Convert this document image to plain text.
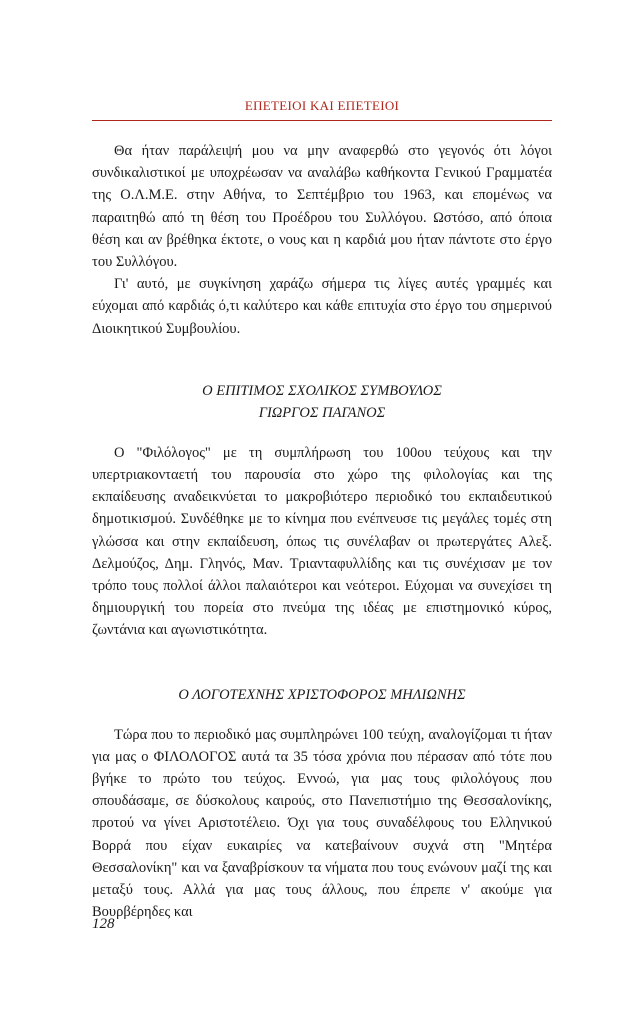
ΕΠΕΤΕΙΟΙ ΚΑΙ ΕΠΕΤΕΙΟΙ

Θα ήταν παράλειψή μου να μην αναφερθώ στο γεγονός ότι λόγοι συνδικαλιστικοί με υποχρέωσαν να αναλάβω καθήκοντα Γενικού Γραμματέα της Ο.Λ.Μ.Ε. στην Αθήνα, το Σεπτέμβριο του 1963, και επομένως να παραιτηθώ από τη θέση του Προέδρου του Συλλόγου. Ωστόσο, από όποια θέση και αν βρέθηκα έκτοτε, ο νους και η καρδιά μου ήταν πάντοτε στο έργο του Συλλόγου.

Γι' αυτό, με συγκίνηση χαράζω σήμερα τις λίγες αυτές γραμμές και εύχομαι από καρδιάς ό,τι καλύτερο και κάθε επιτυχία στο έργο του σημερινού Διοικητικού Συμβουλίου.

Ο ΕΠΙΤΙΜΟΣ ΣΧΟΛΙΚΟΣ ΣΥΜΒΟΥΛΟΣ
ΓΙΩΡΓΟΣ ΠΑΓΑΝΟΣ

Ο "Φιλόλογος" με τη συμπλήρωση του 100ου τεύχους και την υπερτριακονταετή του παρουσία στο χώρο της φιλολογίας και της εκπαίδευσης αναδεικνύεται το μακροβιότερο περιοδικό του εκπαιδευτικού δημοτικισμού. Συνδέθηκε με το κίνημα που ενέπνευσε τις μεγάλες τομές στη γλώσσα και στην εκπαίδευση, όπως τις συνέλαβαν οι πρωτεργάτες Αλεξ. Δελμούζος, Δημ. Γληνός, Μαν. Τριανταφυλλίδης και τις συνέχισαν με τον τρόπο τους πολλοί άλλοι παλαιότεροι και νεότεροι. Εύχομαι να συνεχίσει τη δημιουργική του πορεία στο πνεύμα της ιδέας με επιστημονικό κύρος, ζωντάνια και αγωνιστικότητα.

Ο ΛΟΓΟΤΕΧΝΗΣ ΧΡΙΣΤΟΦΟΡΟΣ ΜΗΛΙΩΝΗΣ

Τώρα που το περιοδικό μας συμπληρώνει 100 τεύχη, αναλογίζομαι τι ήταν για μας ο ΦΙΛΟΛΟΓΟΣ αυτά τα 35 τόσα χρόνια που πέρασαν από τότε που βγήκε το πρώτο του τεύχος. Εννοώ, για μας τους φιλολόγους που σπουδάσαμε, σε δύσκολους καιρούς, στο Πανεπιστήμιο της Θεσσαλονίκης, προτού να γίνει Αριστοτέλειο. Όχι για τους συναδέλφους του Ελληνικού Βορρά που είχαν ευκαιρίες να κατεβαίνουν συχνά στη "Μητέρα Θεσσαλονίκη" και να ξαναβρίσκουν τα νήματα που τους ενώνουν μαζί της και μεταξύ τους. Αλλά για μας τους άλλους, που έπρεπε ν' ακούμε για Βουρβέρηδες και

128
